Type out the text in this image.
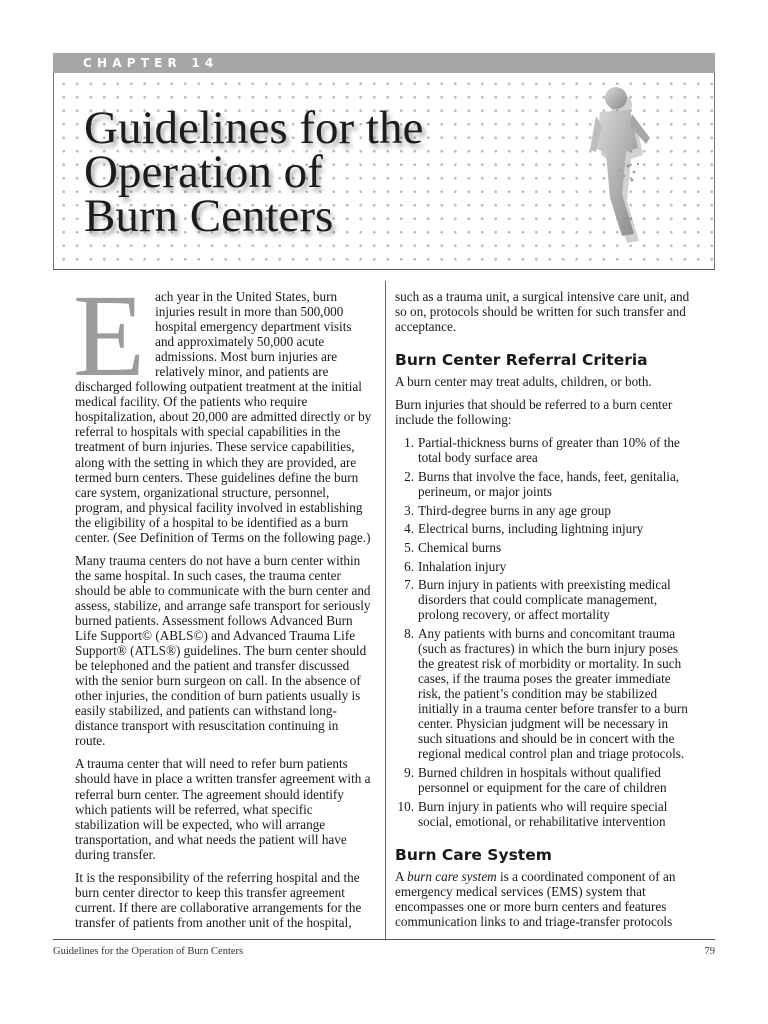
CHAPTER 14
Guidelines for the
Operation of
Burn Centers

Each year in the United States, burn injuries result in more than 500,000 hospital emergency department visits and approximately 50,000 acute admissions. Most burn injuries are relatively minor, and patients are discharged following outpatient treatment at the initial medical facility. Of the patients who require hospitalization, about 20,000 are admitted directly or by referral to hospitals with special capabilities in the treatment of burn injuries. These service capabilities, along with the setting in which they are provided, are termed burn centers. These guidelines define the burn care system, organizational structure, personnel, program, and physical facility involved in establishing the eligibility of a hospital to be identified as a burn center. (See Definition of Terms on the following page.)

Many trauma centers do not have a burn center within the same hospital. In such cases, the trauma center should be able to communicate with the burn center and assess, stabilize, and arrange safe transport for seriously burned patients. Assessment follows Advanced Burn Life Support© (ABLS©) and Advanced Trauma Life Support® (ATLS®) guidelines. The burn center should be telephoned and the patient and transfer discussed with the senior burn surgeon on call. In the absence of other injuries, the condition of burn patients usually is easily stabilized, and patients can withstand long-distance transport with resuscitation continuing in route.

A trauma center that will need to refer burn patients should have in place a written transfer agreement with a referral burn center. The agreement should identify which patients will be referred, what specific stabilization will be expected, who will arrange transportation, and what needs the patient will have during transfer.

It is the responsibility of the referring hospital and the burn center director to keep this transfer agreement current. If there are collaborative arrangements for the transfer of patients from another unit of the hospital,

such as a trauma unit, a surgical intensive care unit, and so on, protocols should be written for such transfer and acceptance.

Burn Center Referral Criteria

A burn center may treat adults, children, or both.

Burn injuries that should be referred to a burn center include the following:

1. Partial-thickness burns of greater than 10% of the total body surface area
2. Burns that involve the face, hands, feet, genitalia, perineum, or major joints
3. Third-degree burns in any age group
4. Electrical burns, including lightning injury
5. Chemical burns
6. Inhalation injury
7. Burn injury in patients with preexisting medical disorders that could complicate management, prolong recovery, or affect mortality
8. Any patients with burns and concomitant trauma (such as fractures) in which the burn injury poses the greatest risk of morbidity or mortality. In such cases, if the trauma poses the greater immediate risk, the patient’s condition may be stabilized initially in a trauma center before transfer to a burn center. Physician judgment will be necessary in such situations and should be in concert with the regional medical control plan and triage protocols.
9. Burned children in hospitals without qualified personnel or equipment for the care of children
10. Burn injury in patients who will require special social, emotional, or rehabilitative intervention
Burn Care System

A burn care system is a coordinated component of an emergency medical services (EMS) system that encompasses one or more burn centers and features communication links to and triage-transfer protocols

Guidelines for the Operation of Burn Centers	79
